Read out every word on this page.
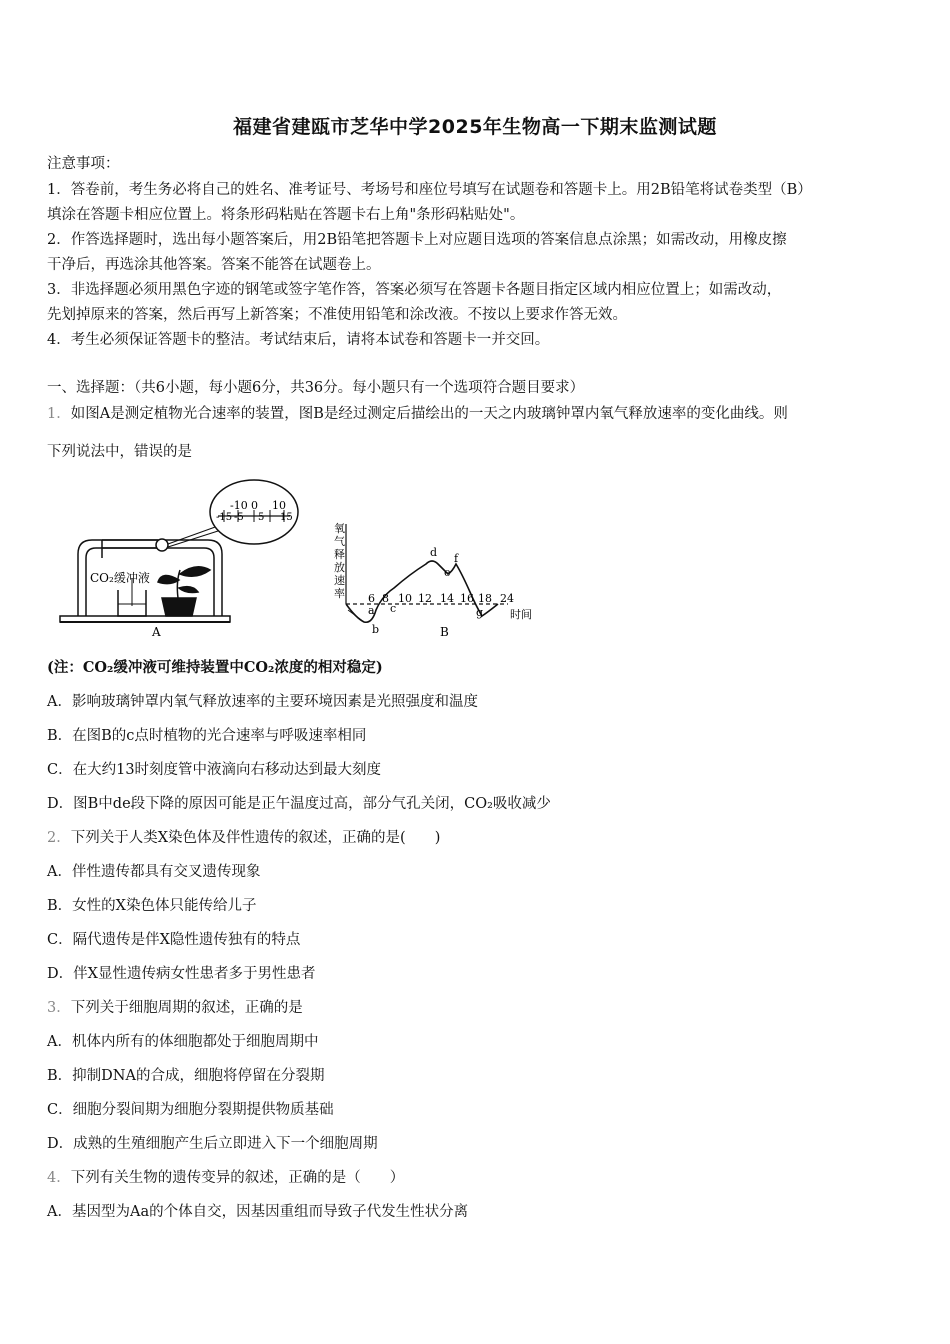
福建省建瓯市芝华中学2025年生物高一下期末监测试题
注意事项：
1．答卷前，考生务必将自己的姓名、准考证号、考场号和座位号填写在试题卷和答题卡上。用2B铅笔将试卷类型（B）
填涂在答题卡相应位置上。将条形码粘贴在答题卡右上角"条形码粘贴处"。
2．作答选择题时，选出每小题答案后，用2B铅笔把答题卡上对应题目选项的答案信息点涂黑；如需改动，用橡皮擦
干净后，再选涂其他答案。答案不能答在试题卷上。
3．非选择题必须用黑色字迹的钢笔或签字笔作答，答案必须写在答题卡各题目指定区域内相应位置上；如需改动，
先划掉原来的答案，然后再写上新答案；不准使用铅笔和涂改液。不按以上要求作答无效。
4．考生必须保证答题卡的整洁。考试结束后，请将本试卷和答题卡一并交回。
一、选择题：（共6小题，每小题6分，共36分。每小题只有一个选项符合题目要求）
1．如图A是测定植物光合速率的装置，图B是经过测定后描绘出的一天之内玻璃钟罩内氧气释放速率的变化曲线。则
下列说法中，错误的是
-10 0 10
-15 -5 5 15
CO₂缓冲液
A
氧
气
释
放
速
率 6 8 10 12 14 16 18 24
时间
a
b
c
d
e
f
g
B
(注：CO₂缓冲液可维持装置中CO₂浓度的相对稳定)
A．影响玻璃钟罩内氧气释放速率的主要环境因素是光照强度和温度
B．在图B的c点时植物的光合速率与呼吸速率相同
C．在大约13时刻度管中液滴向右移动达到最大刻度
D．图B中de段下降的原因可能是正午温度过高，部分气孔关闭，CO₂吸收减少
2．下列关于人类X染色体及伴性遗传的叙述，正确的是(　　)
A．伴性遗传都具有交叉遗传现象
B．女性的X染色体只能传给儿子
C．隔代遗传是伴X隐性遗传独有的特点
D．伴X显性遗传病女性患者多于男性患者
3．下列关于细胞周期的叙述，正确的是
A．机体内所有的体细胞都处于细胞周期中
B．抑制DNA的合成，细胞将停留在分裂期
C．细胞分裂间期为细胞分裂期提供物质基础
D．成熟的生殖细胞产生后立即进入下一个细胞周期
4．下列有关生物的遗传变异的叙述，正确的是（　　）
A．基因型为Aa的个体自交，因基因重组而导致子代发生性状分离
